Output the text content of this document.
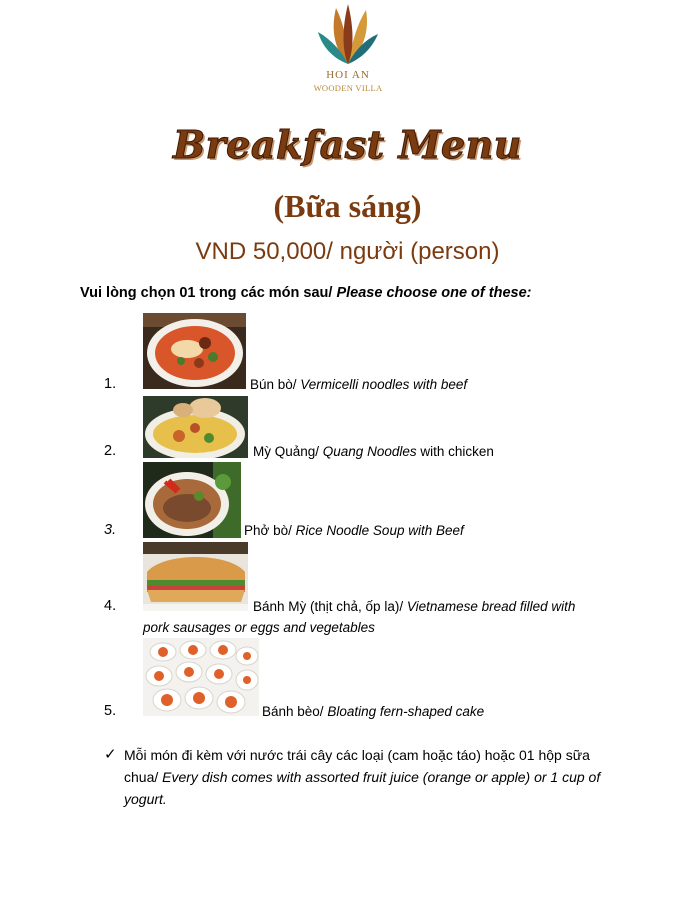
HOI AN
WOODEN VILLA
Breakfast Menu
(Bữa sáng)
VND 50,000/ người (person)
Vui lòng chọn 01 trong các món sau/ Please choose one of these:
1.	Bún bò/ Vermicelli noodles with beef
2.	Mỳ Quảng/ Quang Noodles with chicken
3.	Phở bò/ Rice Noodle Soup with Beef
4.	Bánh Mỳ (thịt chả, ốp la)/ Vietnamese bread filled with
pork sausages or eggs and vegetables
5.	Bánh bèo/ Bloating fern-shaped cake
✓ Mỗi món đi kèm với nước trái cây các loại (cam hoặc táo) hoặc 01 hộp sữa chua/ Every dish comes with assorted fruit juice (orange or apple) or 1 cup of yogurt.
